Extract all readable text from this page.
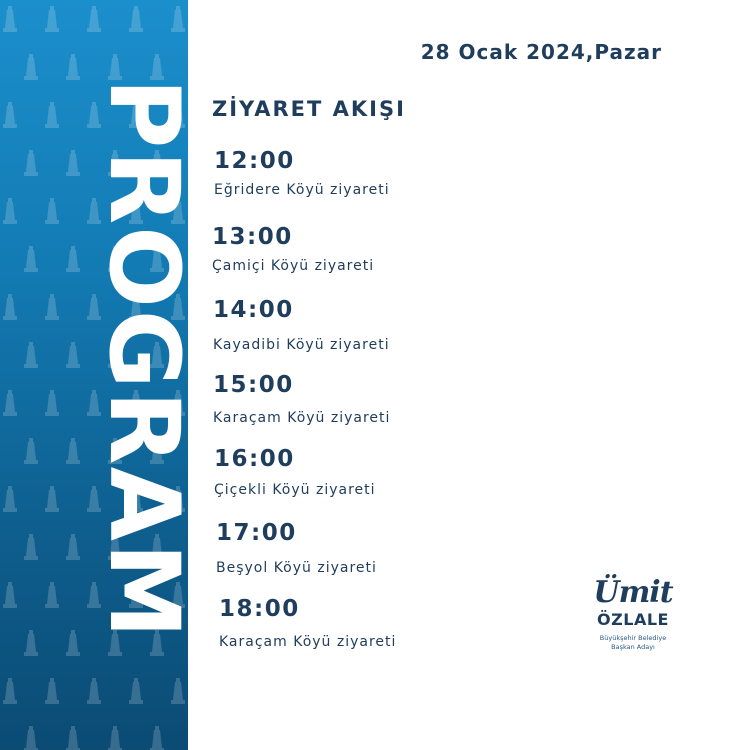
PROGRAM
28 Ocak 2024,Pazar
ZİYARET AKIŞI
12:00
Eğridere Köyü ziyareti
13:00
Çamiçi Köyü ziyareti
14:00
Kayadibi Köyü ziyareti
15:00
Karaçam Köyü ziyareti
16:00
Çiçekli Köyü ziyareti
17:00
Beşyol Köyü ziyareti
18:00
Karaçam Köyü ziyareti
Ümit
ÖZLALE
Büyükşehir Belediye
Başkan Adayı
